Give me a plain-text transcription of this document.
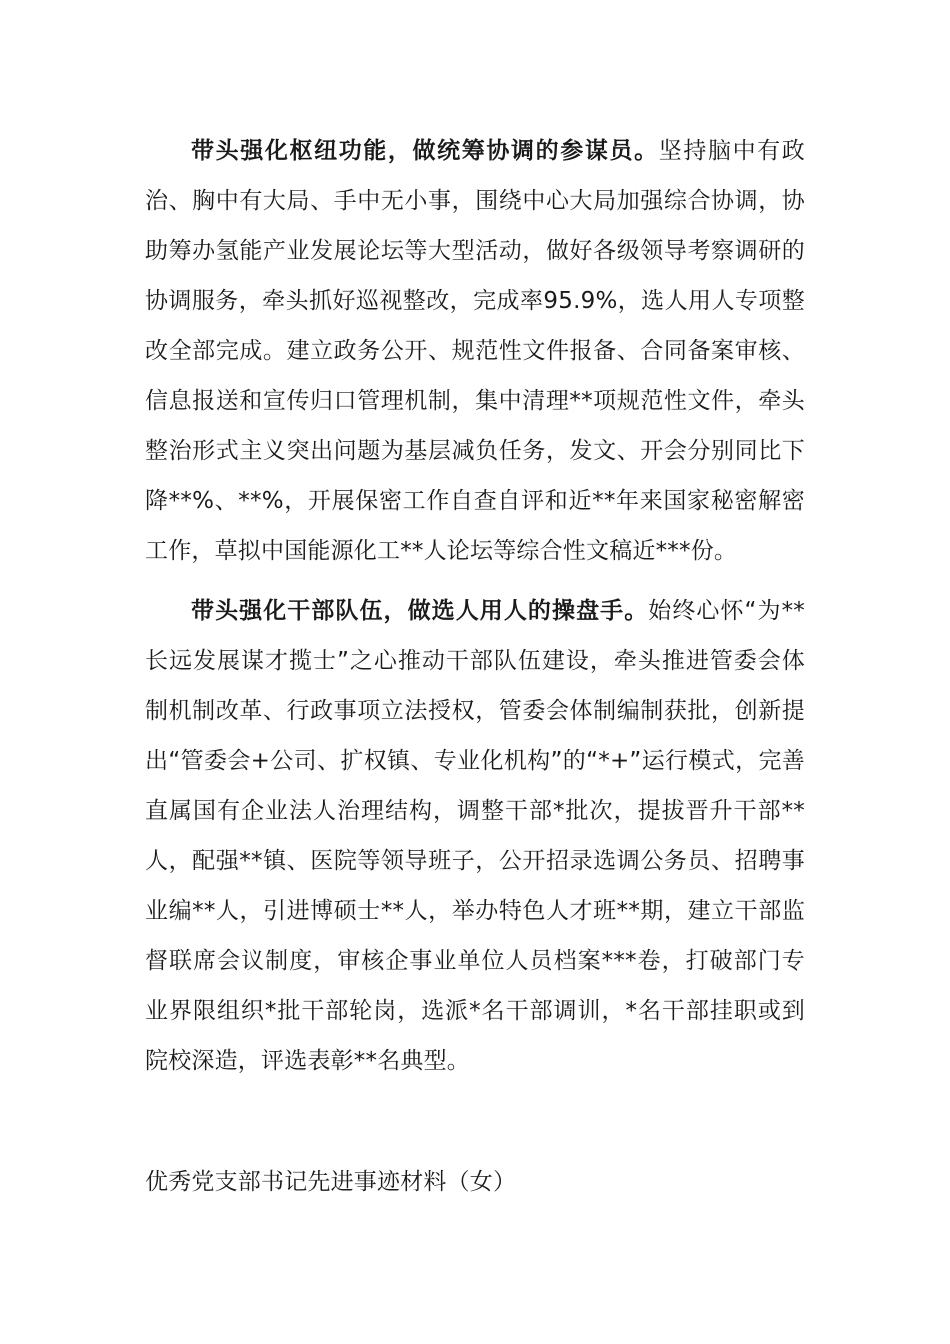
带头强化枢纽功能，做统筹协调的参谋员。坚持脑中有政治、胸中有大局、手中无小事，围绕中心大局加强综合协调，协助筹办氢能产业发展论坛等大型活动，做好各级领导考察调研的协调服务，牵头抓好巡视整改，完成率95.9%，选人用人专项整改全部完成。建立政务公开、规范性文件报备、合同备案审核、信息报送和宣传归口管理机制，集中清理**项规范性文件，牵头整治形式主义突出问题为基层减负任务，发文、开会分别同比下降**%、**%，开展保密工作自查自评和近**年来国家秘密解密工作，草拟中国能源化工**人论坛等综合性文稿近***份。

带头强化干部队伍，做选人用人的操盘手。始终心怀“为**长远发展谋才揽士”之心推动干部队伍建设，牵头推进管委会体制机制改革、行政事项立法授权，管委会体制编制获批，创新提出“管委会+公司、扩权镇、专业化机构”的“*+”运行模式，完善直属国有企业法人治理结构，调整干部*批次，提拔晋升干部**人，配强**镇、医院等领导班子，公开招录选调公务员、招聘事业编**人，引进博硕士**人，举办特色人才班**期，建立干部监督联席会议制度，审核企事业单位人员档案***卷，打破部门专业界限组织*批干部轮岗，选派*名干部调训，*名干部挂职或到院校深造，评选表彰**名典型。

优秀党支部书记先进事迹材料（女）
